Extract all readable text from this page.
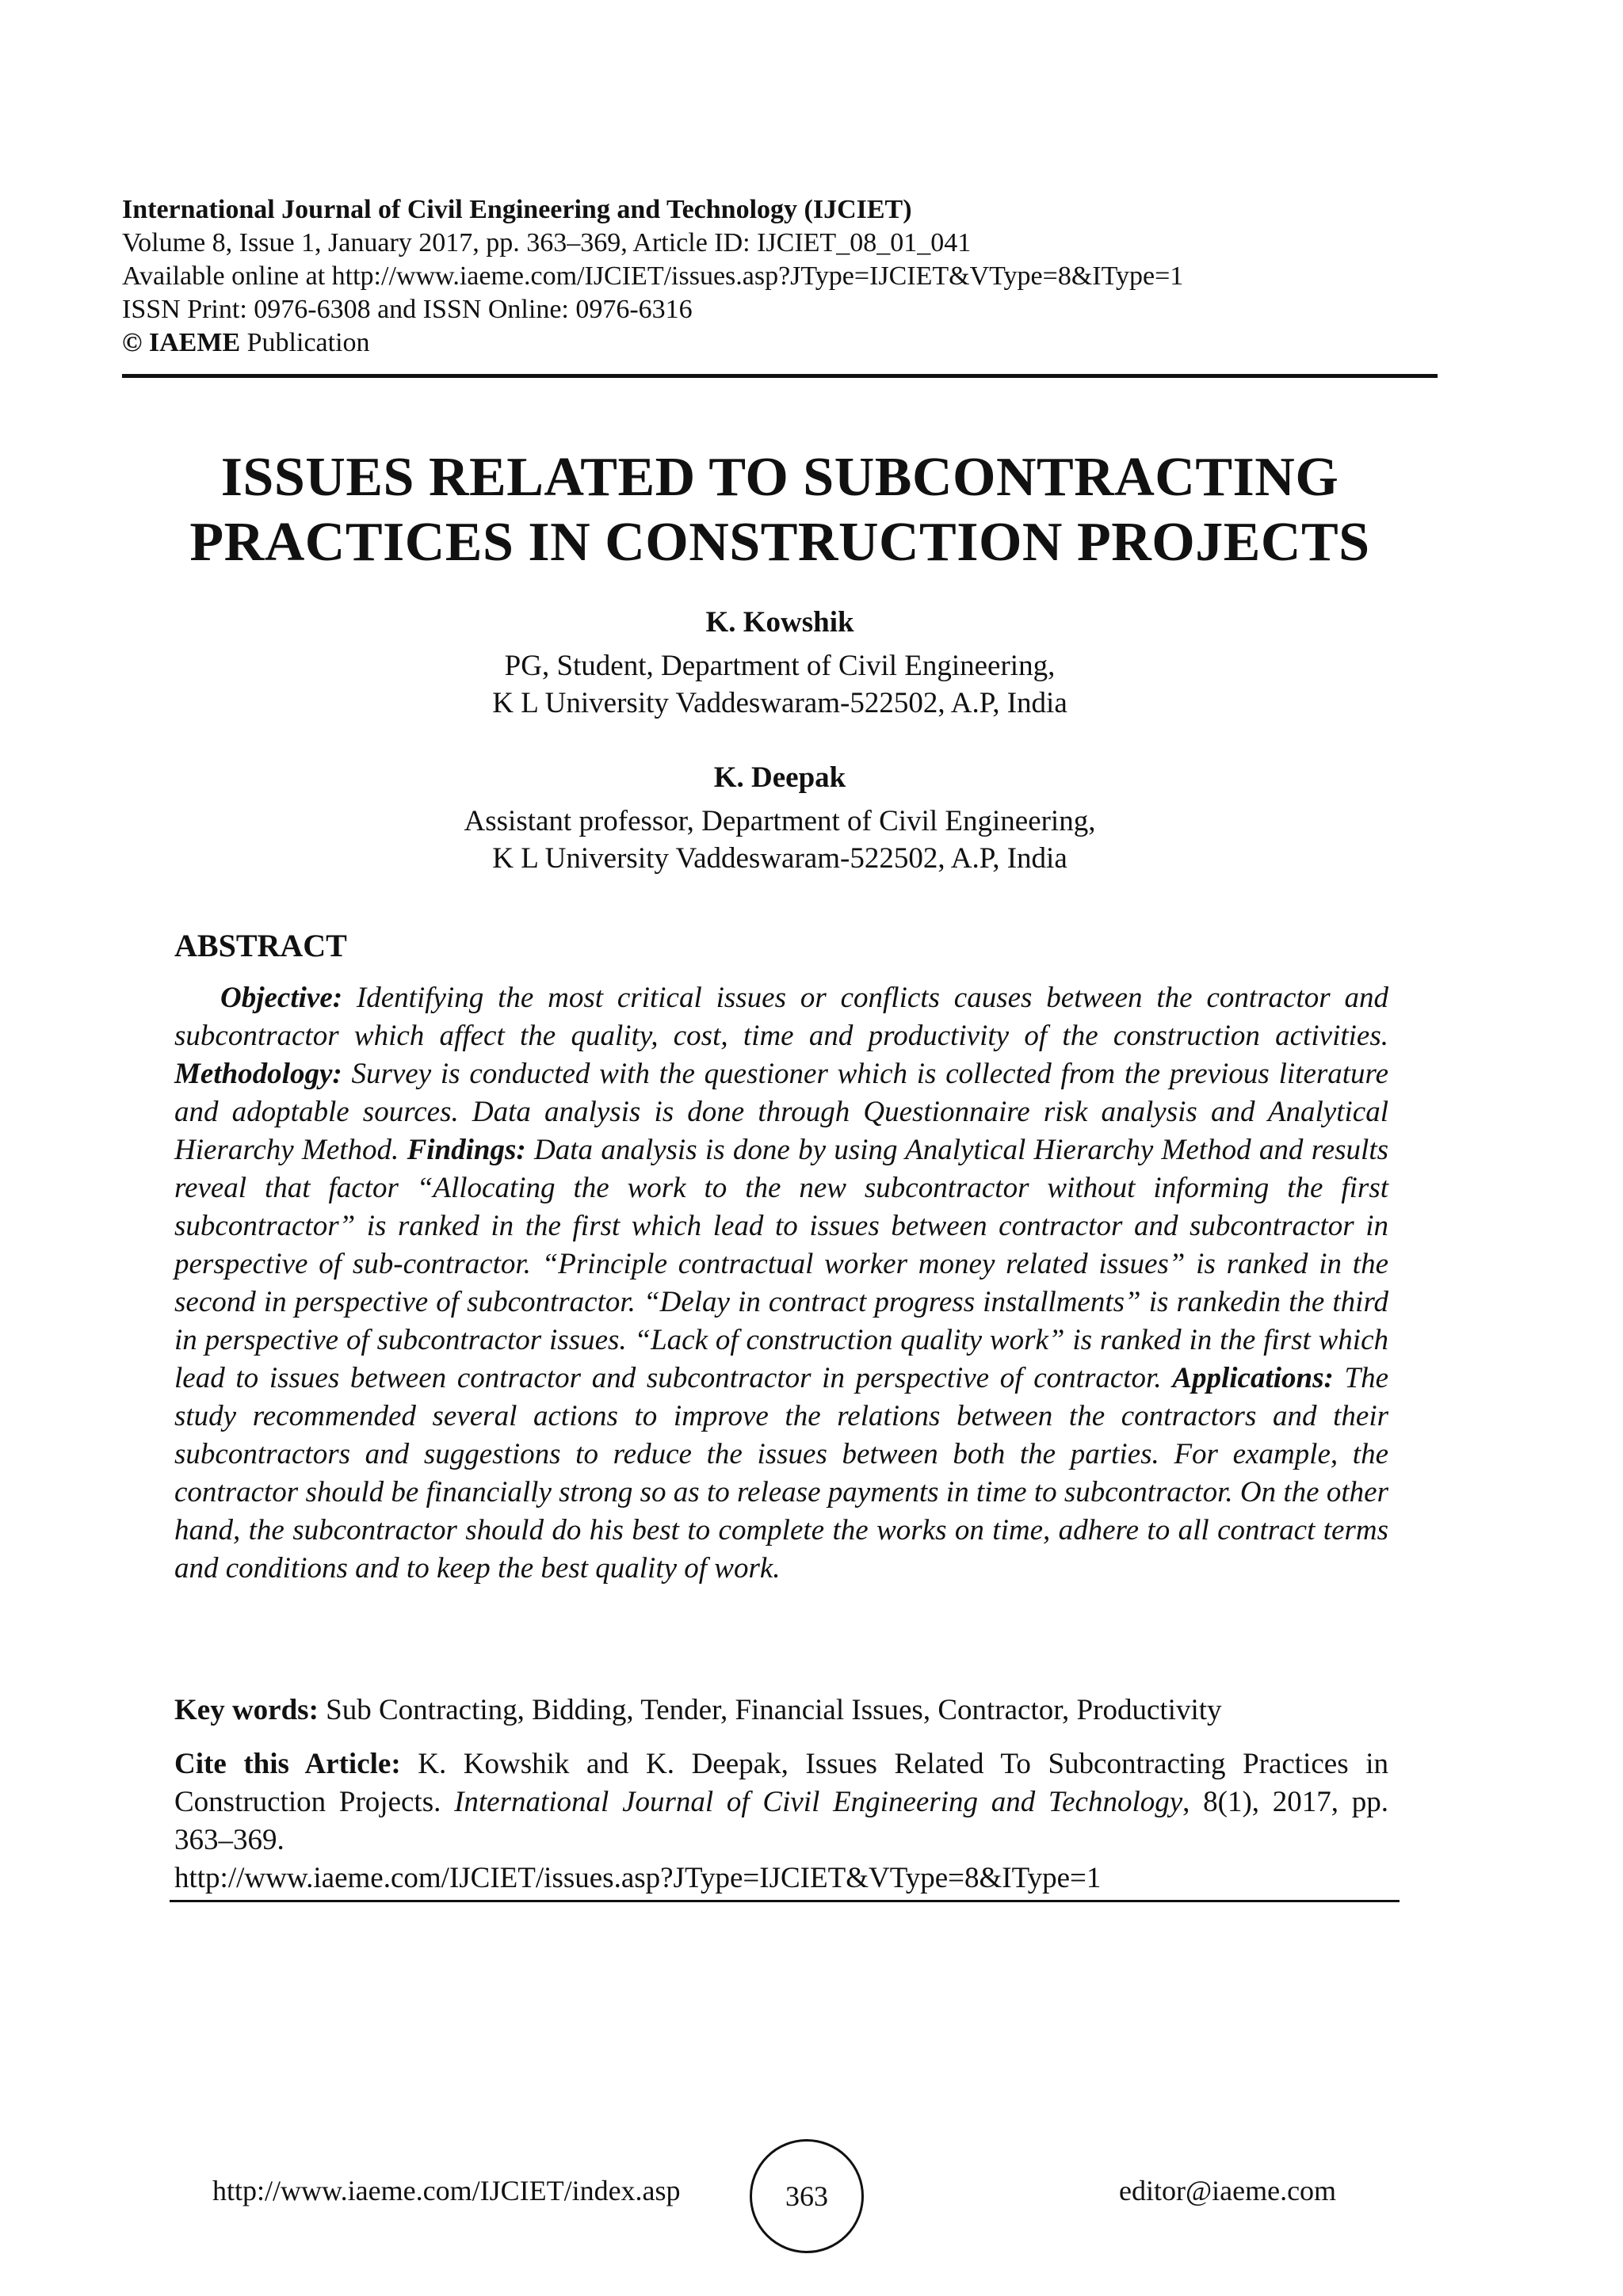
International Journal of Civil Engineering and Technology (IJCIET)
Volume 8, Issue 1, January 2017, pp. 363–369, Article ID: IJCIET_08_01_041
Available online at http://www.iaeme.com/IJCIET/issues.asp?JType=IJCIET&VType=8&IType=1
ISSN Print: 0976-6308 and ISSN Online: 0976-6316
© IAEME Publication
ISSUES RELATED TO SUBCONTRACTING
PRACTICES IN CONSTRUCTION PROJECTS
K. Kowshik
PG, Student, Department of Civil Engineering,
K L University Vaddeswaram-522502, A.P, India
K. Deepak
Assistant professor, Department of Civil Engineering,
K L University Vaddeswaram-522502, A.P, India
ABSTRACT
Objective: Identifying the most critical issues or conflicts causes between the contractor and subcontractor which affect the quality, cost, time and productivity of the construction activities. Methodology: Survey is conducted with the questioner which is collected from the previous literature and adoptable sources. Data analysis is done through Questionnaire risk analysis and Analytical Hierarchy Method. Findings: Data analysis is done by using Analytical Hierarchy Method and results reveal that factor “Allocating the work to the new subcontractor without informing the first subcontractor” is ranked in the first which lead to issues between contractor and subcontractor in perspective of sub-contractor. “Principle contractual worker money related issues” is ranked in the second in perspective of subcontractor. “Delay in contract progress installments” is rankedin the third in perspective of subcontractor issues. “Lack of construction quality work” is ranked in the first which lead to issues between contractor and subcontractor in perspective of contractor. Applications: The study recommended several actions to improve the relations between the contractors and their subcontractors and suggestions to reduce the issues between both the parties. For example, the contractor should be financially strong so as to release payments in time to subcontractor. On the other hand, the subcontractor should do his best to complete the works on time, adhere to all contract terms and conditions and to keep the best quality of work.
Key words: Sub Contracting, Bidding, Tender, Financial Issues, Contractor, Productivity
Cite this Article: K. Kowshik and K. Deepak, Issues Related To Subcontracting Practices in Construction Projects. International Journal of Civil Engineering and Technology, 8(1), 2017, pp. 363–369.
http://www.iaeme.com/IJCIET/issues.asp?JType=IJCIET&VType=8&IType=1
http://www.iaeme.com/IJCIET/index.asp	363	editor@iaeme.com
